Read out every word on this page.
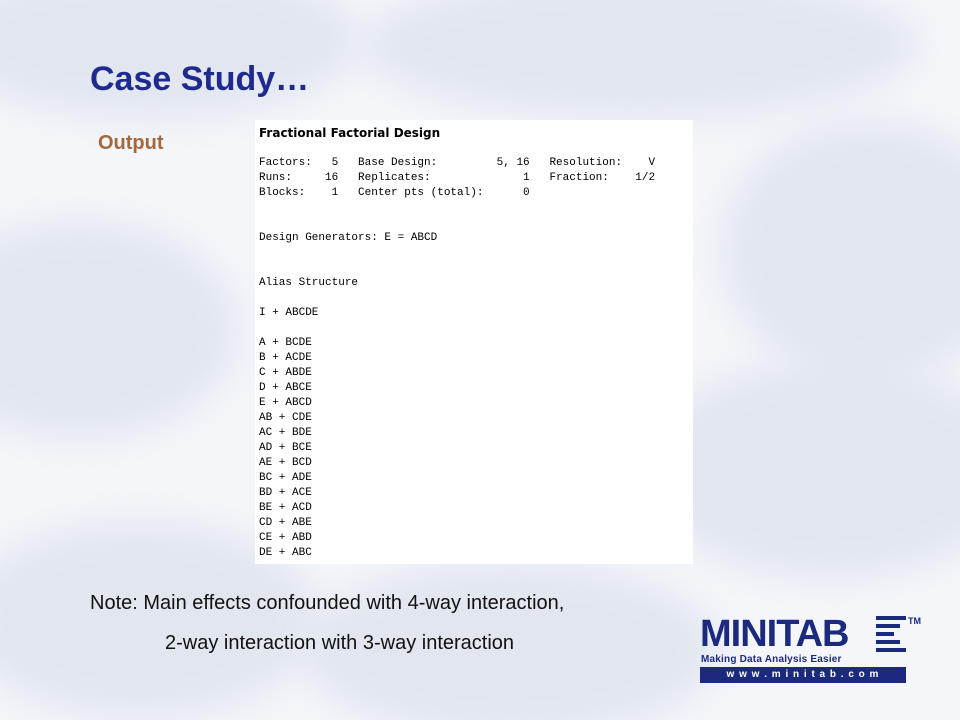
Case Study…
Output	Fractional Factorial Design
Factors:   5   Base Design:         5, 16   Resolution:    V
Runs:     16   Replicates:              1   Fraction:    1/2
Blocks:    1   Center pts (total):      0
Design Generators: E = ABCD
Alias Structure
I + ABCDE
A + BCDE
B + ACDE
C + ABDE
D + ABCE
E + ABCD
AB + CDE
AC + BDE
AD + BCE
AE + BCD
BC + ADE
BD + ACE
BE + ACD
CD + ABE
CE + ABD
DE + ABC
Note: Main effects confounded with 4-way interaction,
2-way interaction with 3-way interaction	MINITAB	TM
Making Data Analysis Easier
w w w . m i n i t a b . c o m
